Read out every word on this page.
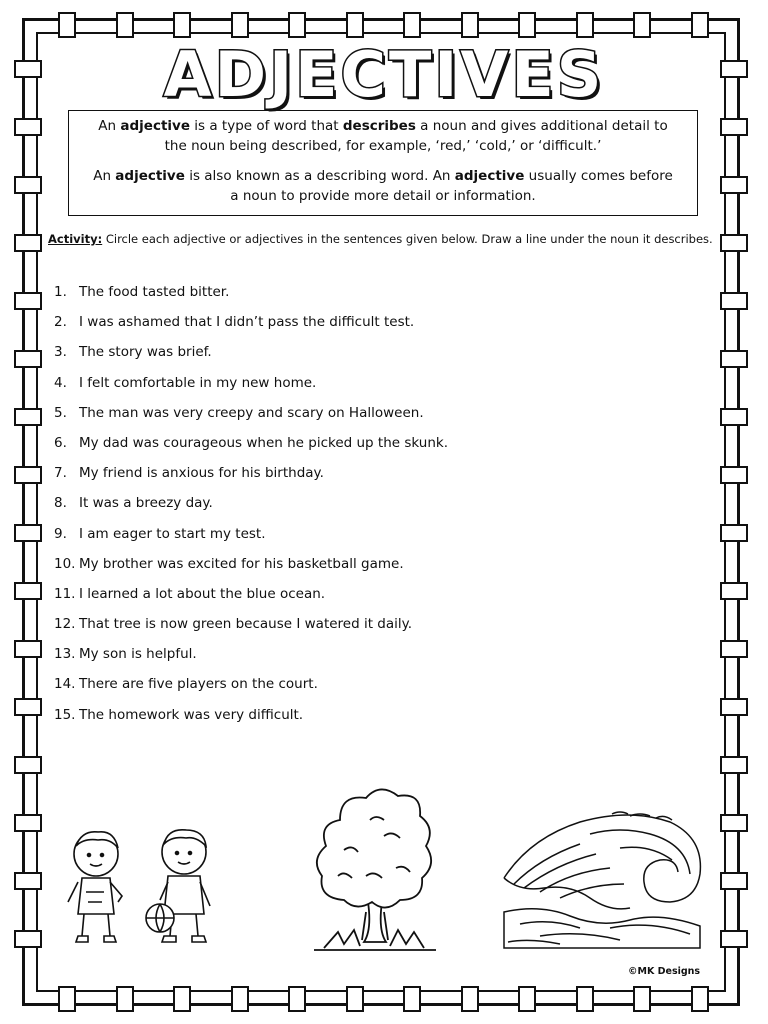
ADJECTIVES

An adjective is a type of word that describes a noun and gives additional detail to the noun being described, for example, ‘red,’ ‘cold,’ or ‘difficult.’

An adjective is also known as a describing word. An adjective usually comes before a noun to provide more detail or information.

Activity: Circle each adjective or adjectives in the sentences given below. Draw a line under the noun it describes.
1. The food tasted bitter.
2. I was ashamed that I didn’t pass the difficult test.
3. The story was brief.
4. I felt comfortable in my new home.
5. The man was very creepy and scary on Halloween.
6. My dad was courageous when he picked up the skunk.
7. My friend is anxious for his birthday.
8. It was a breezy day.
9. I am eager to start my test.
10. My brother was excited for his basketball game.
11. I learned a lot about the blue ocean.
12. That tree is now green because I watered it daily.
13. My son is helpful.
14. There are five players on the court.
15. The homework was very difficult.
©MK Designs
